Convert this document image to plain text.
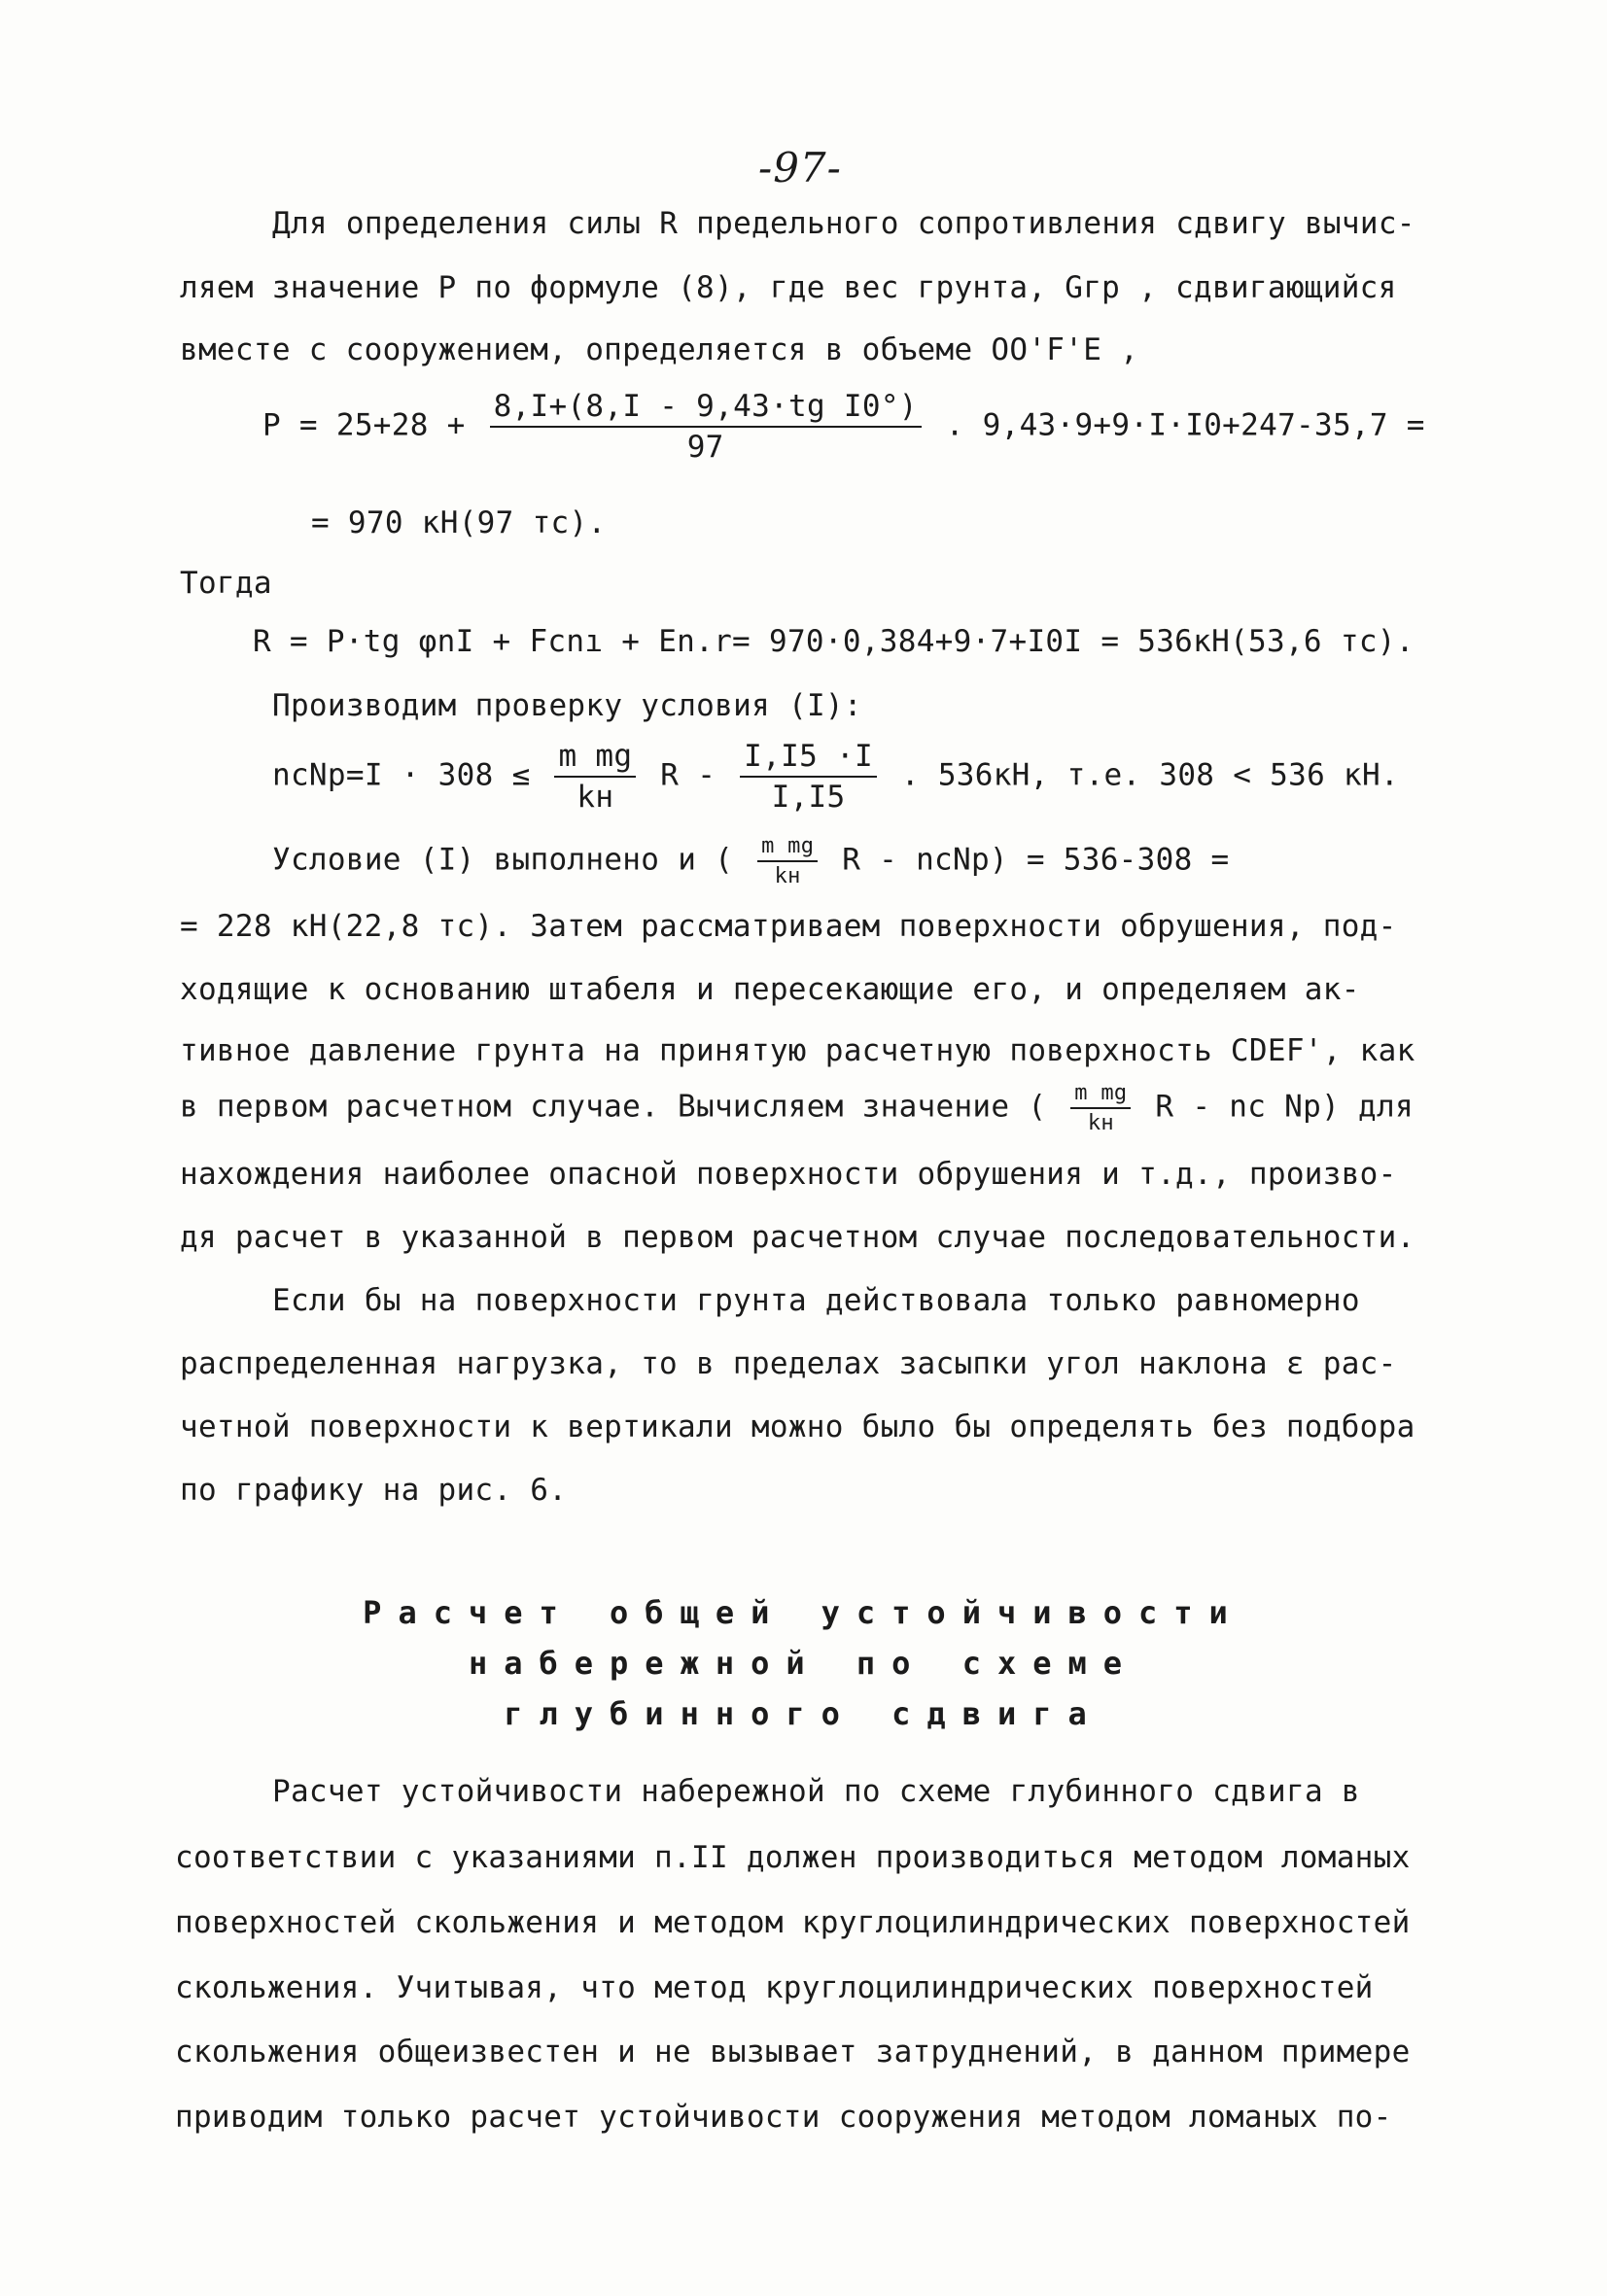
-97-
Для определения силы R предельного сопротивления сдвигу вычис-
ляем значение P по формуле (8), где вес грунта, Gгр , сдвигающийся
вместе с сооружением, определяется в объеме OO'F'E ,
$P = 25+28 + \frac{\text{8,I+(8,I - 9,43·tg I0°)}}{97}$ . 9,43·9+9·I·I0+247-35,7 =
= 970 кН(97 тс).
Тогда
R = P·tg φnI + Fcnı + En.r= 970·0,384+9·7+I0I = 536кН(53,6 тс).
Производим проверку условия (I):
ncNp=I · $308 \le \frac{\text{m mg}}{kн}$ R - $\frac{I,I5 \cdot I}{I,I5}$ . 536кН, т.е. 308 < 536 кН.
Условие (I) выполнено и ( $\frac{\text{m mg}}{kн}$ R - ncNp) = 536-308 =
= 228 кН(22,8 тс). Затем рассматриваем поверхности обрушения, под-
ходящие к основанию штабеля и пересекающие его, и определяем ак-
тивное давление грунта на принятую расчетную поверхность CDEF', как
в первом расчетном случае. Вычисляем значение ( $\frac{\text{m mg}}{kн}$ R - nc Np) для
нахождения наиболее опасной поверхности обрушения и т.д., произво-
дя расчет в указанной в первом расчетном случае последовательности.
Если бы на поверхности грунта действовала только равномерно
распределенная нагрузка, то в пределах засыпки угол наклона ε рас-
четной поверхности к вертикали можно было бы определять без подбора
по графику на рис. 6.
Расчет общей устойчивости
набережной по схеме
глубинного сдвига
Расчет устойчивости набережной по схеме глубинного сдвига в
соответствии с указаниями п.II должен производиться методом ломаных
поверхностей скольжения и методом круглоцилиндрических поверхностей
скольжения. Учитывая, что метод круглоцилиндрических поверхностей
скольжения общеизвестен и не вызывает затруднений, в данном примере
приводим только расчет устойчивости сооружения методом ломаных по-
